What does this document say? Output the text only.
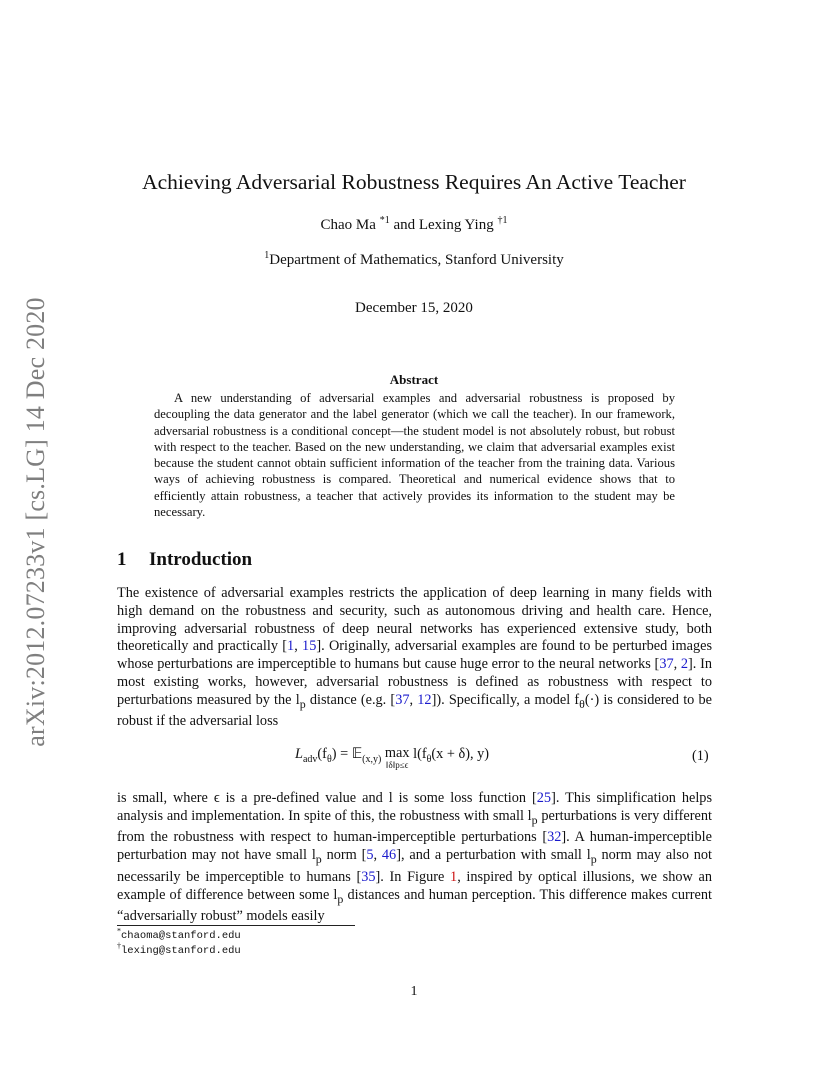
arXiv:2012.07233v1 [cs.LG] 14 Dec 2020
Achieving Adversarial Robustness Requires An Active Teacher
Chao Ma $^{*1}$ and Lexing Ying $^{\dagger 1}$
$^1$Department of Mathematics, Stanford University
December 15, 2020
Abstract
A new understanding of adversarial examples and adversarial robustness is proposed by decoupling the data generator and the label generator (which we call the teacher). In our framework, adversarial robustness is a conditional concept—the student model is not absolutely robust, but robust with respect to the teacher. Based on the new understanding, we claim that adversarial examples exist because the student cannot obtain sufficient information of the teacher from the training data. Various ways of achieving robustness is compared. Theoretical and numerical evidence shows that to efficiently attain robustness, a teacher that actively provides its information to the student may be necessary.
1 Introduction
The existence of adversarial examples restricts the application of deep learning in many fields with high demand on the robustness and security, such as autonomous driving and health care. Hence, improving adversarial robustness of deep neural networks has experienced extensive study, both theoretically and practically [1, 15]. Originally, adversarial examples are found to be perturbed images whose perturbations are imperceptible to humans but cause huge error to the neural networks [37, 2]. In most existing works, however, adversarial robustness is defined as robustness with respect to perturbations measured by the $l_p$ distance (e.g. [37, 12]). Specifically, a model $f_\theta(\cdot)$ is considered to be robust if the adversarial loss
$L_{adv}(f_\theta)$ = 𝔼$_{(x,y)}$ max
‖δ‖p≤ϵ
$l(f_\theta(x + \delta)$, y)	(1)
is small, where ϵ is a pre-defined value and l is some loss function [25]. This simplification helps analysis and implementation. In spite of this, the robustness with small $l_p$ perturbations is very different from the robustness with respect to human-imperceptible perturbations [32]. A human-imperceptible perturbation may not have small $l_p$ norm [5, 46], and a perturbation with small $l_p$ norm may also not necessarily be imperceptible to humans [35]. In Figure 1, inspired by optical illusions, we show an example of difference between some $l_p$ distances and human perception. This difference makes current “adversarially robust” models easily
*chaoma@stanford.edu
†lexing@stanford.edu
1
